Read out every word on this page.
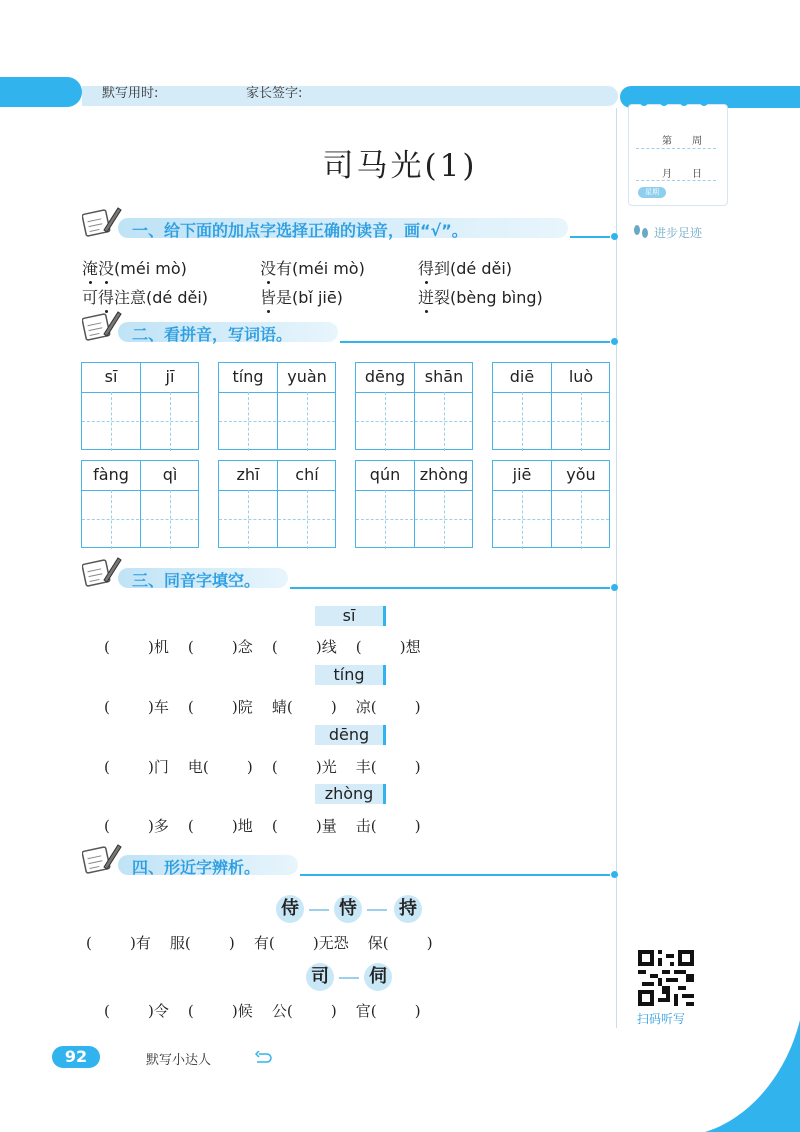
默写用时:	家长签字:
第　　周
月　　日
星期
进步足迹
司马光(1)
一、给下面的加点字选择正确的读音，画“√”。
淹没(méi mò)	没有(méi mò)	得到(dé děi)
可得注意(dé děi)	皆是(bǐ jiē)	迸裂(bèng bìng)
二、看拼音，写词语。
sī	jī	tíng	yuàn	dēng	shān	diē	luò
fàng	qì	zhī	chí	qún	zhòng	jiē	yǒu
三、同音字填空。
sī
(        )机    (        )念    (        )线    (        )想
tíng
(        )车    (        )院    蜻(        )    凉(        )
dēng
(        )门    电(        )    (        )光    丰(        )
zhòng
(        )多    (        )地    (        )量    击(        )
四、形近字辨析。
侍 恃 持
(        )有    服(        )    有(        )无恐    保(        )
司 伺
(        )令    (        )候    公(        )    官(        )	扫码听写
92	默写小达人
